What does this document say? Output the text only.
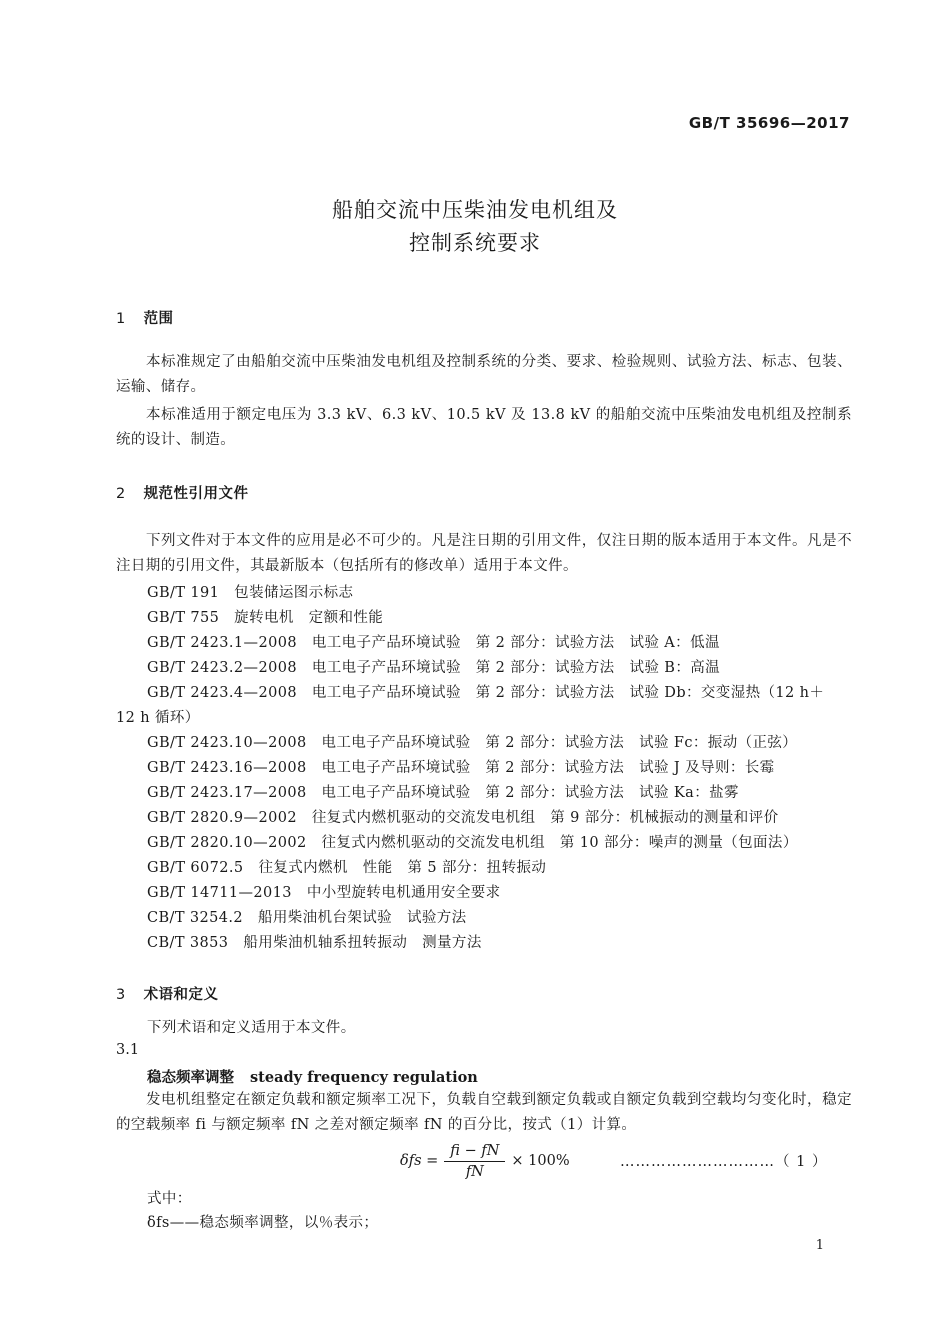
GB/T 35696—2017
船舶交流中压柴油发电机组及
控制系统要求
1 范围
本标准规定了由船舶交流中压柴油发电机组及控制系统的分类、要求、检验规则、试验方法、标志、包装、运输、储存。
本标准适用于额定电压为 3.3 kV、6.3 kV、10.5 kV 及 13.8 kV 的船舶交流中压柴油发电机组及控制系统的设计、制造。
2 规范性引用文件
下列文件对于本文件的应用是必不可少的。凡是注日期的引用文件，仅注日期的版本适用于本文件。凡是不注日期的引用文件，其最新版本（包括所有的修改单）适用于本文件。
GB/T 191　包装储运图示标志
GB/T 755　旋转电机　定额和性能
GB/T 2423.1—2008　电工电子产品环境试验　第 2 部分：试验方法　试验 A：低温
GB/T 2423.2—2008　电工电子产品环境试验　第 2 部分：试验方法　试验 B：高温
GB/T 2423.4—2008　电工电子产品环境试验　第 2 部分：试验方法　试验 Db：交变湿热（12 h＋
12 h 循环）
GB/T 2423.10—2008　电工电子产品环境试验　第 2 部分：试验方法　试验 Fc：振动（正弦）
GB/T 2423.16—2008　电工电子产品环境试验　第 2 部分：试验方法　试验 J 及导则：长霉
GB/T 2423.17—2008　电工电子产品环境试验　第 2 部分：试验方法　试验 Ka：盐雾
GB/T 2820.9—2002　往复式内燃机驱动的交流发电机组　第 9 部分：机械振动的测量和评价
GB/T 2820.10—2002　往复式内燃机驱动的交流发电机组　第 10 部分：噪声的测量（包面法）
GB/T 6072.5　往复式内燃机　性能　第 5 部分：扭转振动
GB/T 14711—2013　中小型旋转电机通用安全要求
CB/T 3254.2　船用柴油机台架试验　试验方法
CB/T 3853　船用柴油机轴系扭转振动　测量方法
3 术语和定义
下列术语和定义适用于本文件。
3.1
稳态频率调整 steady frequency regulation
发电机组整定在额定负载和额定频率工况下，负载自空载到额定负载或自额定负载到空载均匀变化时，稳定的空载频率 fi 与额定频率 fN 之差对额定频率 fN 的百分比，按式（1）计算。
$\delta fs = \frac{fi - fN}{fN} \times 100\%$	…………………………（ 1 ）
式中：
δfs——稳态频率调整，以％表示；
1
